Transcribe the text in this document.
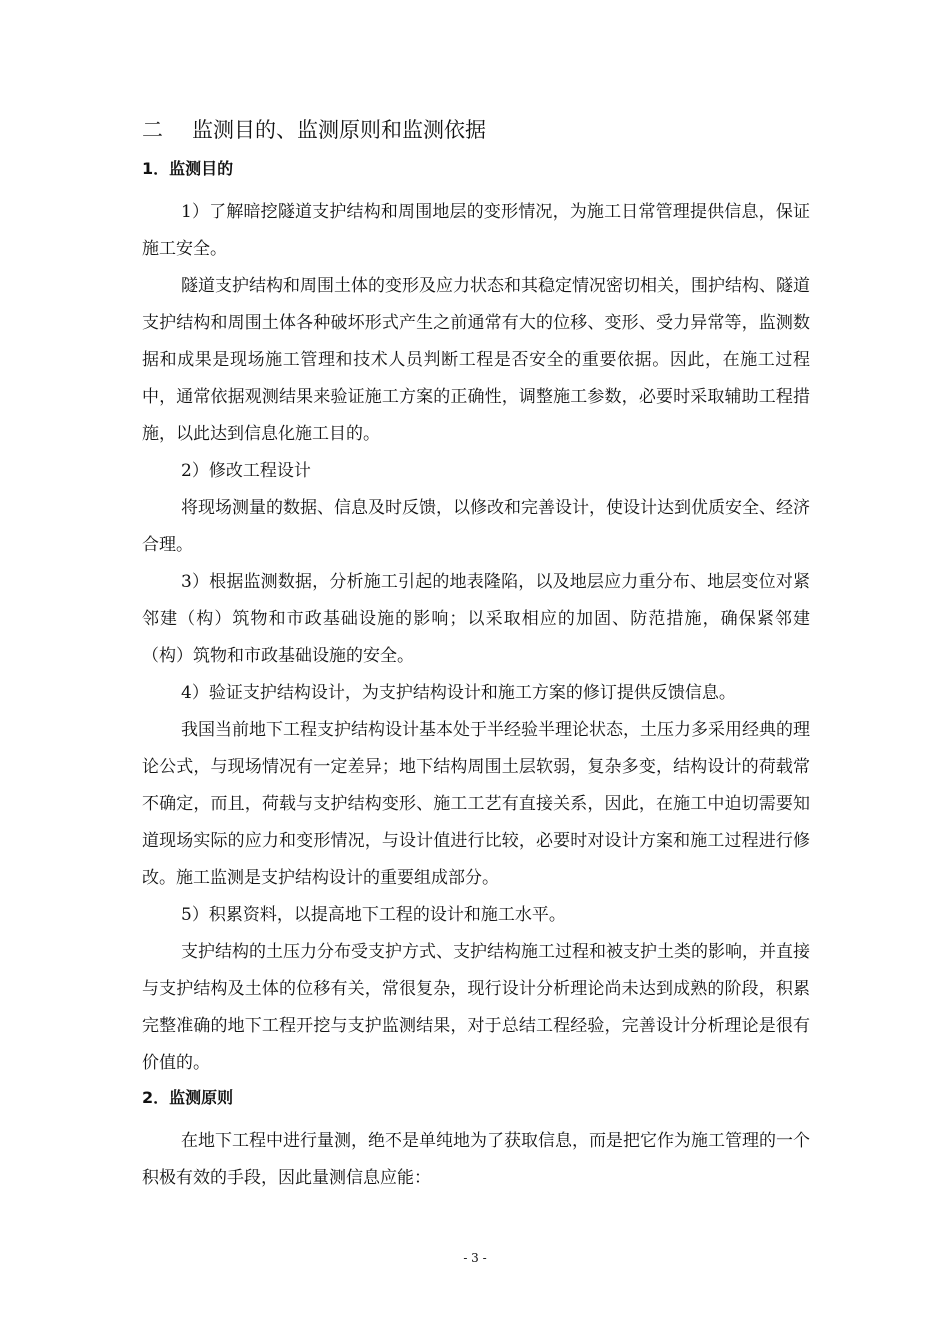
二 监测目的、监测原则和监测依据
1．监测目的

1）了解暗挖隧道支护结构和周围地层的变形情况，为施工日常管理提供信息，保证施工安全。

隧道支护结构和周围土体的变形及应力状态和其稳定情况密切相关，围护结构、隧道支护结构和周围土体各种破坏形式产生之前通常有大的位移、变形、受力异常等，监测数据和成果是现场施工管理和技术人员判断工程是否安全的重要依据。因此，在施工过程中，通常依据观测结果来验证施工方案的正确性，调整施工参数，必要时采取辅助工程措施，以此达到信息化施工目的。

2）修改工程设计

将现场测量的数据、信息及时反馈，以修改和完善设计，使设计达到优质安全、经济合理。

3）根据监测数据，分析施工引起的地表隆陷，以及地层应力重分布、地层变位对紧邻建（构）筑物和市政基础设施的影响；以采取相应的加固、防范措施，确保紧邻建（构）筑物和市政基础设施的安全。

4）验证支护结构设计，为支护结构设计和施工方案的修订提供反馈信息。

我国当前地下工程支护结构设计基本处于半经验半理论状态，土压力多采用经典的理论公式，与现场情况有一定差异；地下结构周围土层软弱，复杂多变，结构设计的荷载常不确定，而且，荷载与支护结构变形、施工工艺有直接关系，因此，在施工中迫切需要知道现场实际的应力和变形情况，与设计值进行比较，必要时对设计方案和施工过程进行修改。施工监测是支护结构设计的重要组成部分。

5）积累资料，以提高地下工程的设计和施工水平。

支护结构的土压力分布受支护方式、支护结构施工过程和被支护土类的影响，并直接与支护结构及土体的位移有关，常很复杂，现行设计分析理论尚未达到成熟的阶段，积累完整准确的地下工程开挖与支护监测结果，对于总结工程经验，完善设计分析理论是很有价值的。

2．监测原则

在地下工程中进行量测，绝不是单纯地为了获取信息，而是把它作为施工管理的一个积极有效的手段，因此量测信息应能：

- 3 -
